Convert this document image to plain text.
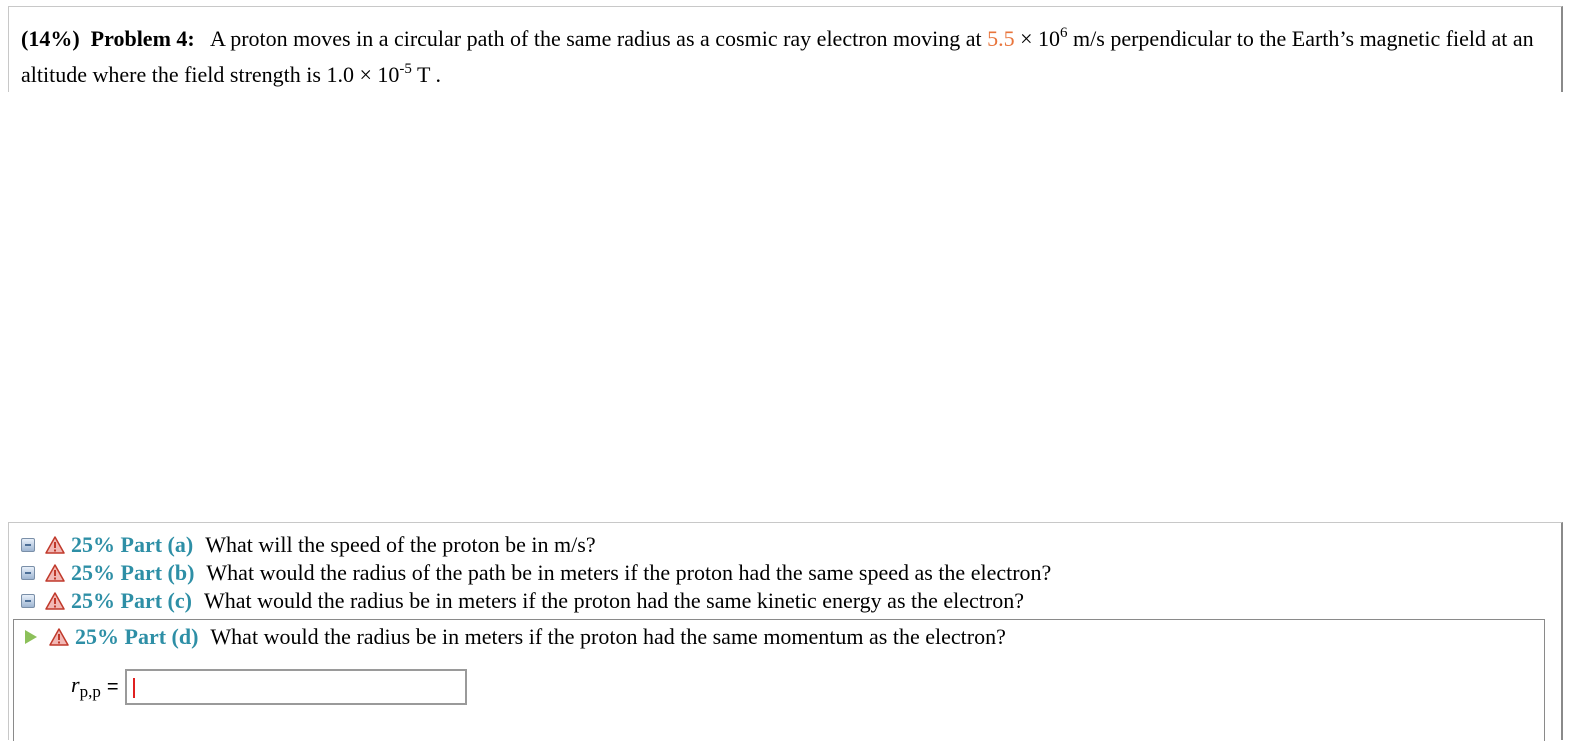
(14%) Problem 4: A proton moves in a circular path of the same radius as a cosmic ray electron moving at $5.5 \times 10^6$ m/s perpendicular to the Earth’s magnetic field at an altitude where the field strength is $1.0 \times 10^{-5}$ T .
25% Part (a) What will the speed of the proton be in m/s?
25% Part (b) What would the radius of the path be in meters if the proton had the same speed as the electron?
25% Part (c) What would the radius be in meters if the proton had the same kinetic energy as the electron?
25% Part (d) What would the radius be in meters if the proton had the same momentum as the electron?
$r_{p,p}$ =
